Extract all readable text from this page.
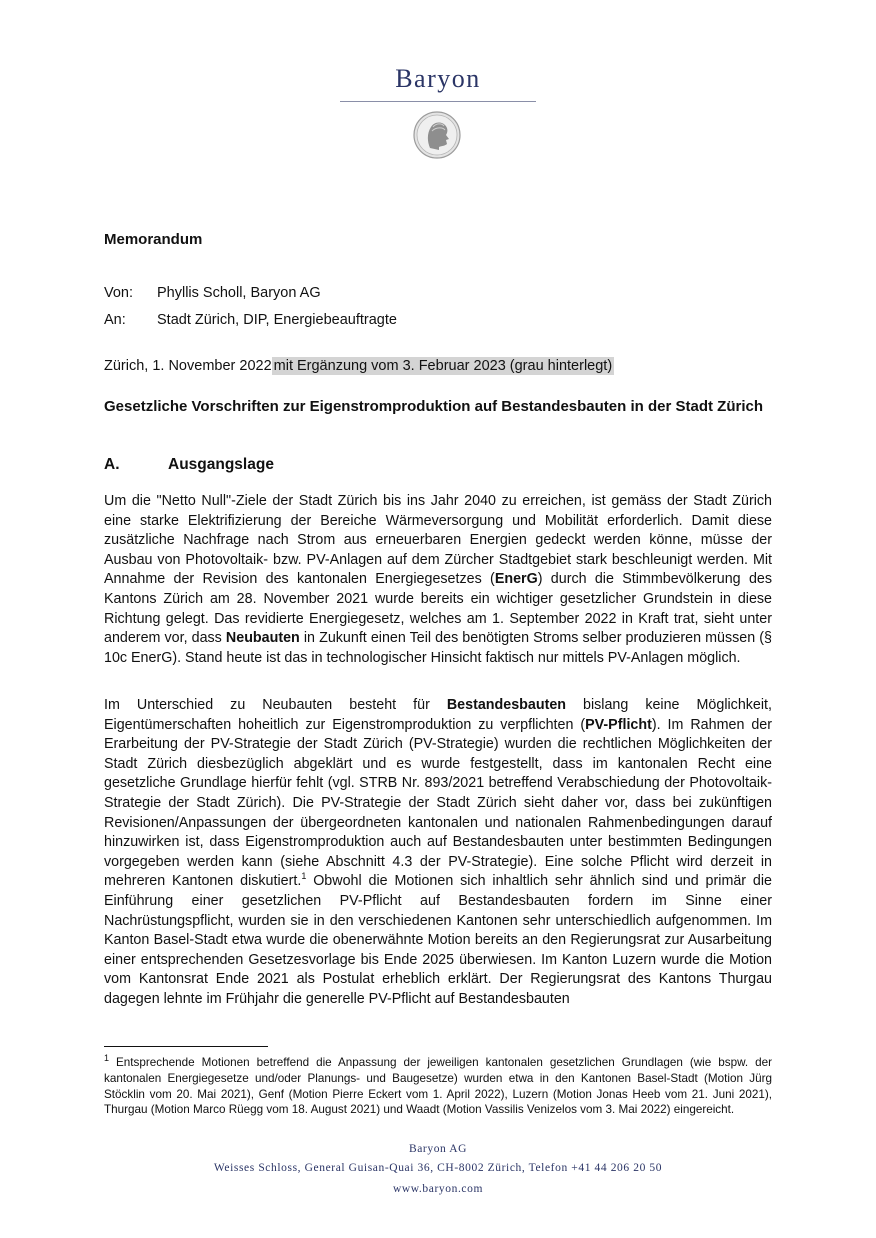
Baryon
Memorandum
Von: Phyllis Scholl, Baryon AG
An: Stadt Zürich, DIP, Energiebeauftragte
Zürich, 1. November 2022 mit Ergänzung vom 3. Februar 2023 (grau hinterlegt)
Gesetzliche Vorschriften zur Eigenstromproduktion auf Bestandesbauten in der Stadt Zürich
A.	Ausgangslage

Um die "Netto Null"-Ziele der Stadt Zürich bis ins Jahr 2040 zu erreichen, ist gemäss der Stadt Zürich eine starke Elektrifizierung der Bereiche Wärmeversorgung und Mobilität erforderlich. Damit diese zusätzliche Nachfrage nach Strom aus erneuerbaren Energien gedeckt werden könne, müsse der Ausbau von Photovoltaik- bzw. PV-Anlagen auf dem Zürcher Stadtgebiet stark beschleunigt werden. Mit Annahme der Revision des kantonalen Energiegesetzes (EnerG) durch die Stimmbevölkerung des Kantons Zürich am 28. November 2021 wurde bereits ein wichtiger gesetzlicher Grundstein in diese Richtung gelegt. Das revidierte Energiegesetz, welches am 1. September 2022 in Kraft trat, sieht unter anderem vor, dass Neubauten in Zukunft einen Teil des benötigten Stroms selber produzieren müssen (§ 10c EnerG). Stand heute ist das in technologischer Hinsicht faktisch nur mittels PV-Anlagen möglich.

Im Unterschied zu Neubauten besteht für Bestandesbauten bislang keine Möglichkeit, Eigentümerschaften hoheitlich zur Eigenstromproduktion zu verpflichten (PV-Pflicht). Im Rahmen der Erarbeitung der PV-Strategie der Stadt Zürich (PV-Strategie) wurden die rechtlichen Möglichkeiten der Stadt Zürich diesbezüglich abgeklärt und es wurde festgestellt, dass im kantonalen Recht eine gesetzliche Grundlage hierfür fehlt (vgl. STRB Nr. 893/2021 betreffend Verabschiedung der Photovoltaik-Strategie der Stadt Zürich). Die PV-Strategie der Stadt Zürich sieht daher vor, dass bei zukünftigen Revisionen/Anpassungen der übergeordneten kantonalen und nationalen Rahmenbedingungen darauf hinzuwirken ist, dass Eigenstromproduktion auch auf Bestandesbauten unter bestimmten Bedingungen vorgegeben werden kann (siehe Abschnitt 4.3 der PV-Strategie). Eine solche Pflicht wird derzeit in mehreren Kantonen diskutiert.$^1$ Obwohl die Motionen sich inhaltlich sehr ähnlich sind und primär die Einführung einer gesetzlichen PV-Pflicht auf Bestandesbauten fordern im Sinne einer Nachrüstungspflicht, wurden sie in den verschiedenen Kantonen sehr unterschiedlich aufgenommen. Im Kanton Basel-Stadt etwa wurde die obenerwähnte Motion bereits an den Regierungsrat zur Ausarbeitung einer entsprechenden Gesetzesvorlage bis Ende 2025 überwiesen. Im Kanton Luzern wurde die Motion vom Kantonsrat Ende 2021 als Postulat erheblich erklärt. Der Regierungsrat des Kantons Thurgau dagegen lehnte im Frühjahr die generelle PV-Pflicht auf Bestandesbauten

$^1$ Entsprechende Motionen betreffend die Anpassung der jeweiligen kantonalen gesetzlichen Grundlagen (wie bspw. der kantonalen Energiegesetze und/oder Planungs- und Baugesetze) wurden etwa in den Kantonen Basel-Stadt (Motion Jürg Stöcklin vom 20. Mai 2021), Genf (Motion Pierre Eckert vom 1. April 2022), Luzern (Motion Jonas Heeb vom 21. Juni 2021), Thurgau (Motion Marco Rüegg vom 18. August 2021) und Waadt (Motion Vassilis Venizelos vom 3. Mai 2022) eingereicht.

Baryon AG
Weisses Schloss, General Guisan-Quai 36, CH-8002 Zürich, Telefon +41 44 206 20 50
www.baryon.com
